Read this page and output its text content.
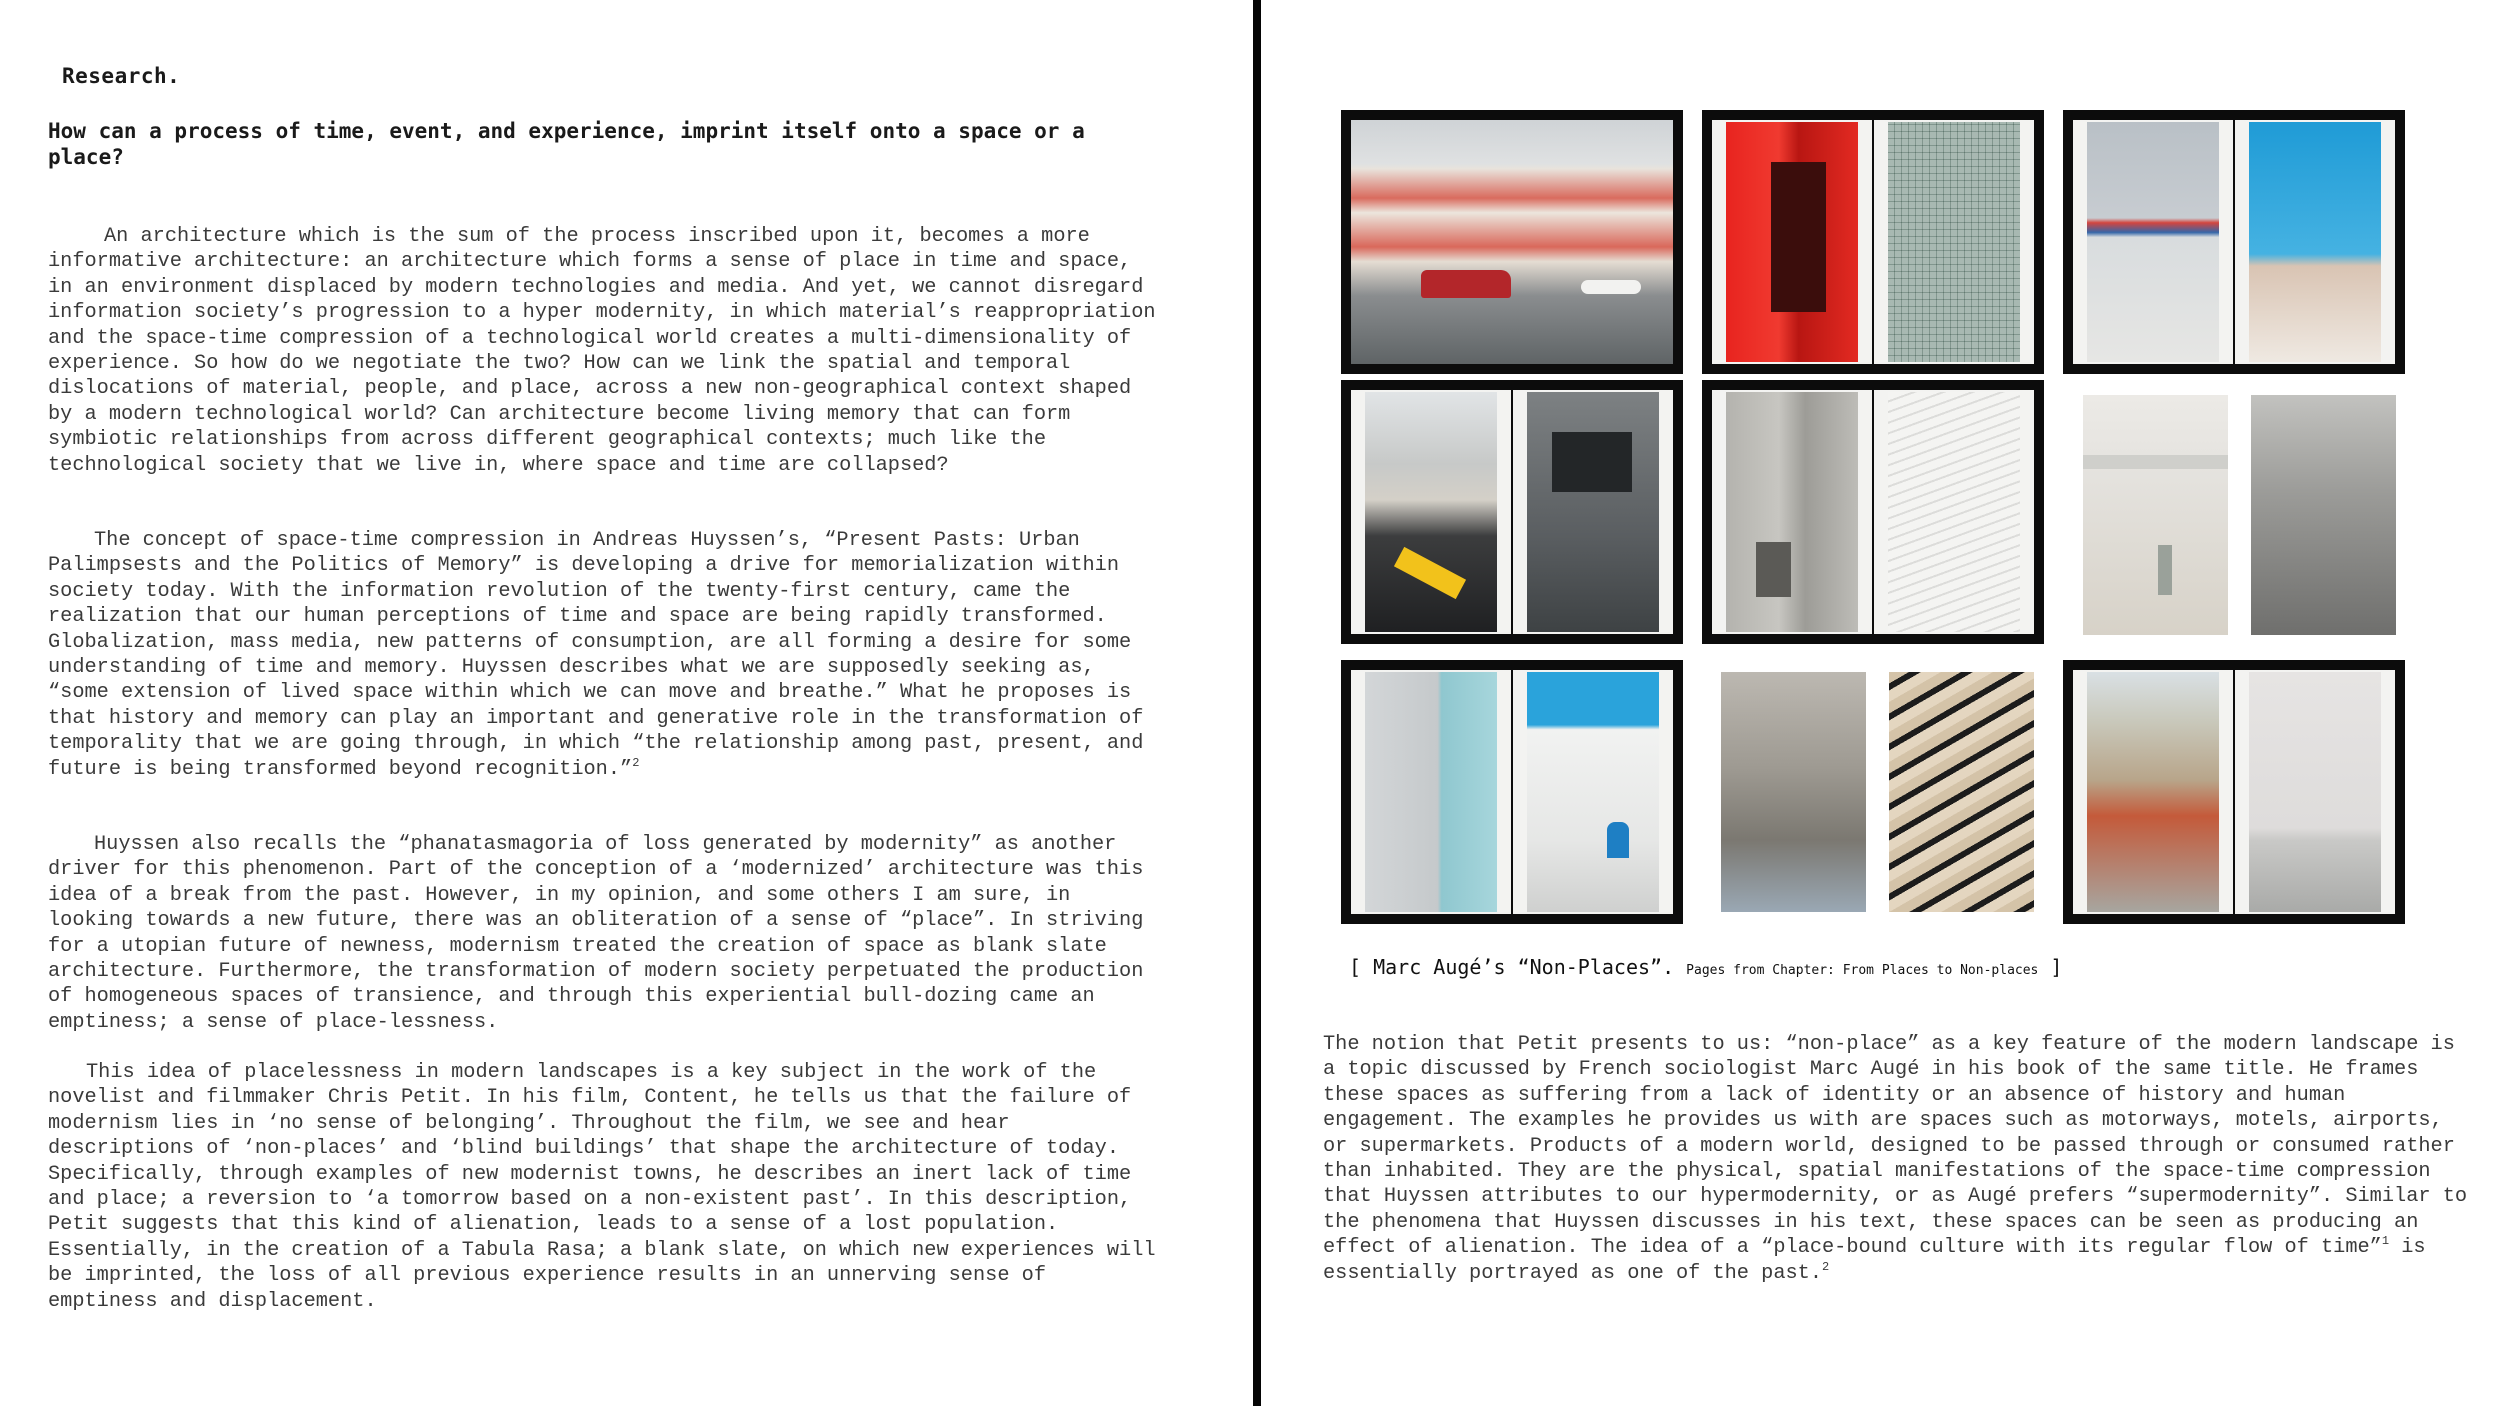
Research.

How can a process of time, event, and experience, imprint itself onto a space or a place?

An architecture which is the sum of the process inscribed upon it, becomes a more informative architecture: an architecture which forms a sense of place in time and space, in an environment displaced by modern technologies and media. And yet, we cannot disregard information society’s progression to a hyper modernity, in which material’s reappropriation and the space-time compression of a technological world creates a multi-dimensionality of experience. So how do we negotiate the two? How can we link the spatial and temporal dislocations of material, people, and place, across a new non-geographical context shaped by a modern technological world? Can architecture become living memory that can form symbiotic relationships from across different geographical contexts; much like the technological society that we live in, where space and time are collapsed?

The concept of space-time compression in Andreas Huyssen’s, “Present Pasts: Urban Palimpsests and the Politics of Memory” is developing a drive for memorialization within society today. With the information revolution of the twenty-first century, came the realization that our human perceptions of time and space are being rapidly transformed. Globalization, mass media, new patterns of consumption, are all forming a desire for some understanding of time and memory. Huyssen describes what we are supposedly seeking as, “some extension of lived space within which we can move and breathe.” What he proposes is that history and memory can play an important and generative role in the transformation of temporality that we are going through, in which “the relationship among past, present, and future is being transformed beyond recognition.”$^2$

Huyssen also recalls the “phanatasmagoria of loss generated by modernity” as another driver for this phenomenon. Part of the conception of a ‘modernized’ architecture was this idea of a break from the past. However, in my opinion, and some others I am sure, in looking towards a new future, there was an obliteration of a sense of “place”. In striving for a utopian future of newness, modernism treated the creation of space as blank slate architecture. Furthermore, the transformation of modern society perpetuated the production of homogeneous spaces of transience, and through this experiential bull-dozing came an emptiness; a sense of place-lessness.

This idea of placelessness in modern landscapes is a key subject in the work of the novelist and filmmaker Chris Petit. In his film, Content, he tells us that the failure of modernism lies in ‘no sense of belonging’. Throughout the film, we see and hear descriptions of ‘non-places’ and ‘blind buildings’ that shape the architecture of today. Specifically, through examples of new modernist towns, he describes an inert lack of time and place; a reversion to ‘a tomorrow based on a non-existent past’. In this description, Petit suggests that this kind of alienation, leads to a sense of a lost population. Essentially, in the creation of a Tabula Rasa; a blank slate, on which new experiences will be imprinted, the loss of all previous experience results in an unnerving sense of emptiness and displacement.

[ Marc Augé’s “Non-Places”. Pages from Chapter: From Places to Non-places ]

The notion that Petit presents to us: “non-place” as a key feature of the modern landscape is a topic discussed by French sociologist Marc Augé in his book of the same title. He frames these spaces as suffering from a lack of identity or an absence of history and human engagement. The examples he provides us with are spaces such as motorways, motels, airports, or supermarkets. Products of a modern world, designed to be passed through or consumed rather than inhabited. They are the physical, spatial manifestations of the space-time compression that Huyssen attributes to our hypermodernity, or as Augé prefers “supermodernity”. Similar to the phenomena that Huyssen discusses in his text, these spaces can be seen as producing an effect of alienation. The idea of a “place-bound culture with its regular flow of time”$^1$ is essentially portrayed as one of the past.$^2$
